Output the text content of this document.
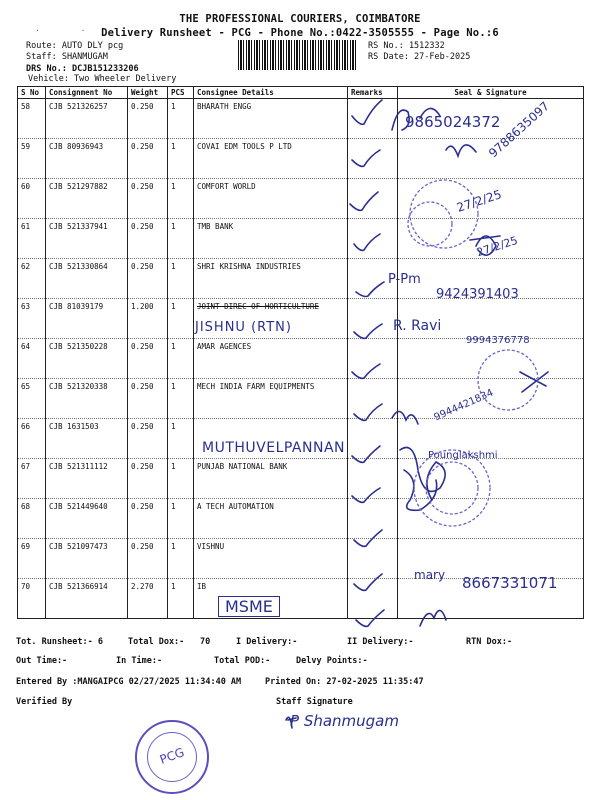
. . .
THE PROFESSIONAL COURIERS, COIMBATORE
Delivery Runsheet - PCG - Phone No.:0422-3505555 - Page No.:6
Route: AUTO DLY pcg
Staff: SHANMUGAM
DRS No.: DCJB151233206
Vehicle: Two Wheeler Delivery
RS No.: 1512332
RS Date: 27-Feb-2025
S No	Consignment No	Weight	PCS	Consignee Details	Remarks	Seal & Signature
58	CJB 521326257	0.250	1	BHARATH ENGG		
59	CJB 80936943	0.250	1	COVAI EDM TOOLS P LTD		
60	CJB 521297882	0.250	1	COMFORT WORLD		
61	CJB 521337941	0.250	1	TMB BANK		
62	CJB 521330864	0.250	1	SHRI KRISHNA INDUSTRIES		
63	CJB 81039179	1.200	1	JOINT DIREC OF HORTICULTURE		
64	CJB 521350228	0.250	1	AMAR AGENCES		
65	CJB 521320338	0.250	1	MECH INDIA FARM EQUIPMENTS		
66	CJB 1631503	0.250	1			
67	CJB 521311112	0.250	1	PUNJAB NATIONAL BANK		
68	CJB 521449640	0.250	1	A TECH AUTOMATION		
69	CJB 521097473	0.250	1	VISHNU		
70	CJB 521366914	2.270	1	IB		
9865024372
9788635097
27/2/25
27/2/25
P-Pm
9424391403
JISHNU (RTN)	R. Ravi
9994376778
9944421834
MUTHUVELPANNAN	Pounglakshmi
mary 8667331071
MSME
P Shanmugam
Tot. Runsheet:- 6	Total Dox:- 70	I Delivery:-	II Delivery:-	RTN Dox:-
Out Time:-	In Time:-	Total POD:-	Delvy Points:-
Entered By :MANGAIPCG 02/27/2025 11:34:40 AM	Printed On: 27-02-2025 11:35:47
Verified By	Staff Signature
PCG
